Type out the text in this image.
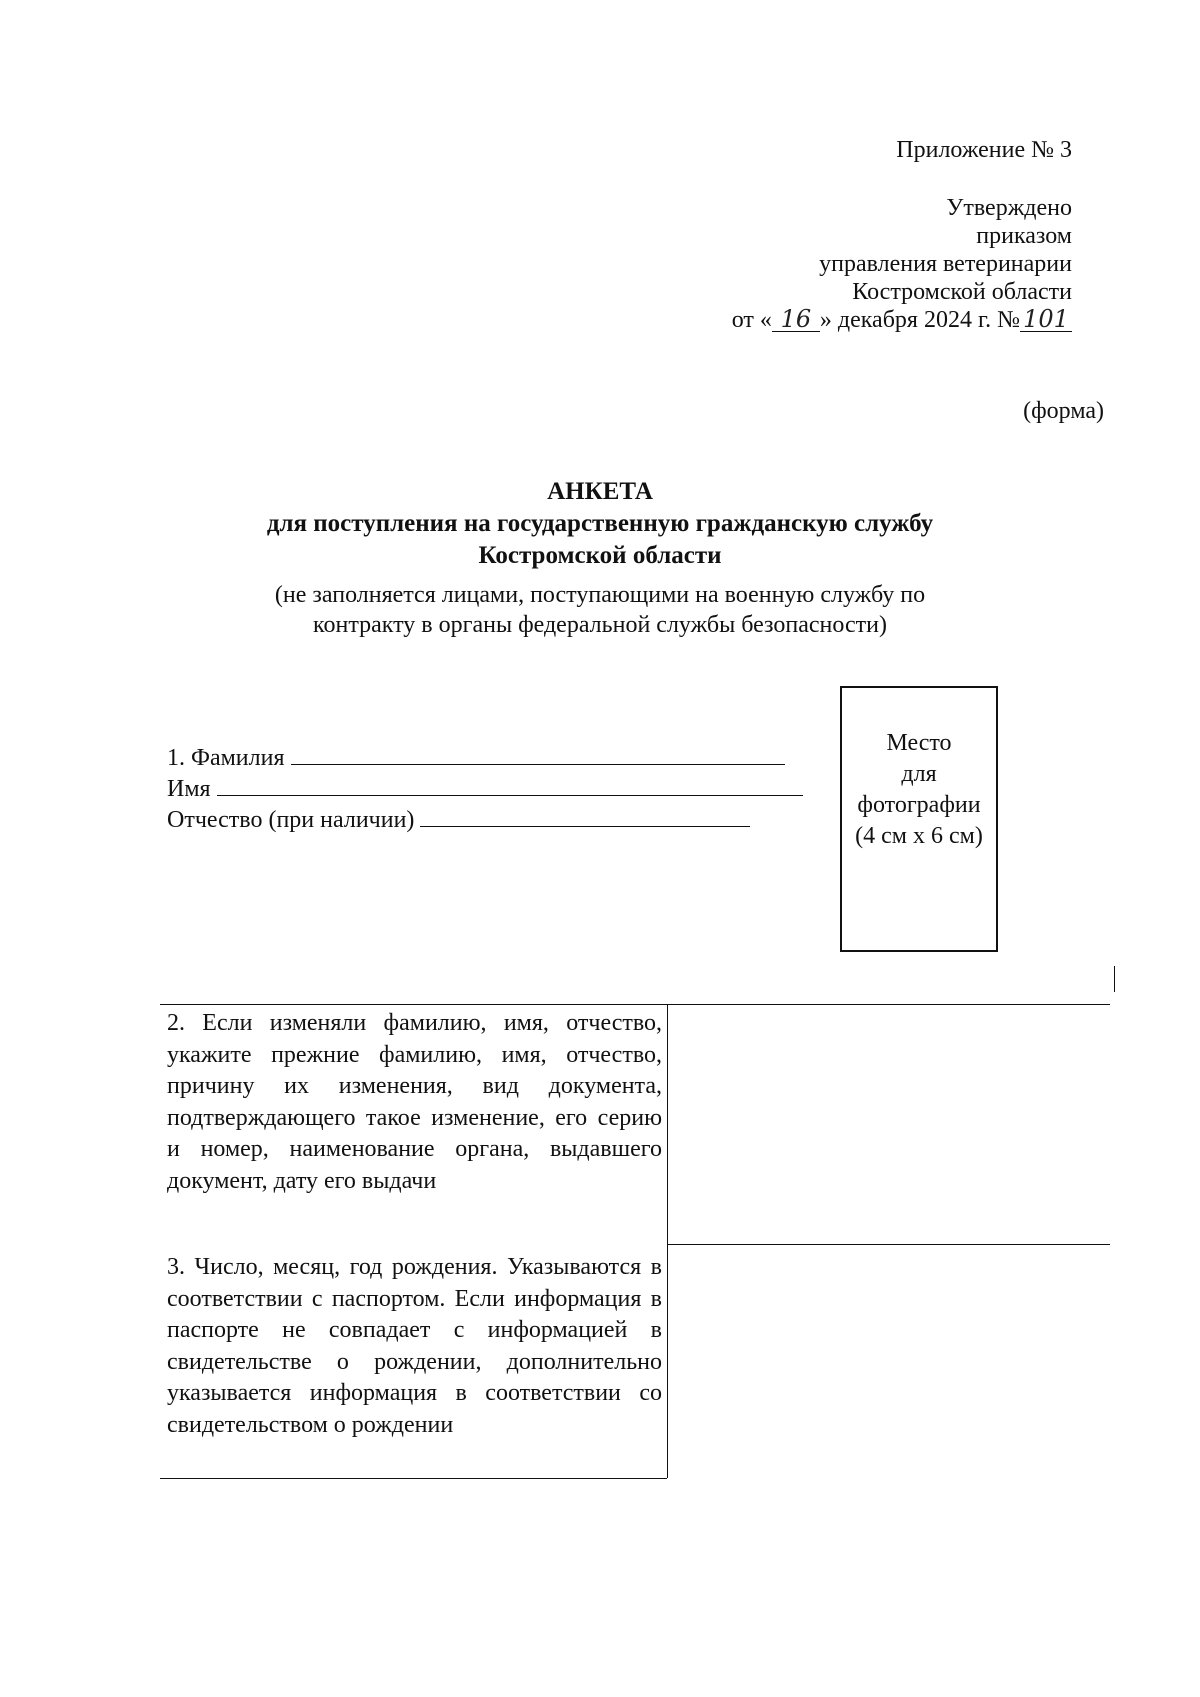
Приложение № 3
Утверждено
приказом
управления ветеринарии
Костромской области
от « 16 » декабря 2024 г. № 101
(форма)
АНКЕТА
для поступления на государственную гражданскую службу
Костромской области
(не заполняется лицами, поступающими на военную службу по
контракту в органы федеральной службы безопасности)
1. Фамилия
Имя
Отчество (при наличии)
Место
для
фотографии
(4 см х 6 см)
2. Если изменяли фамилию, имя, отчество, укажите прежние фамилию, имя, отчество, причину их изменения, вид документа, подтверждающего такое изменение, его серию и номер, наименование органа, выдавшего документ, дату его выдачи
3. Число, месяц, год рождения. Указываются в соответствии с паспортом. Если информация в паспорте не совпадает с информацией в свидетельстве о рождении, дополнительно указывается информация в соответствии со свидетельством о рождении
